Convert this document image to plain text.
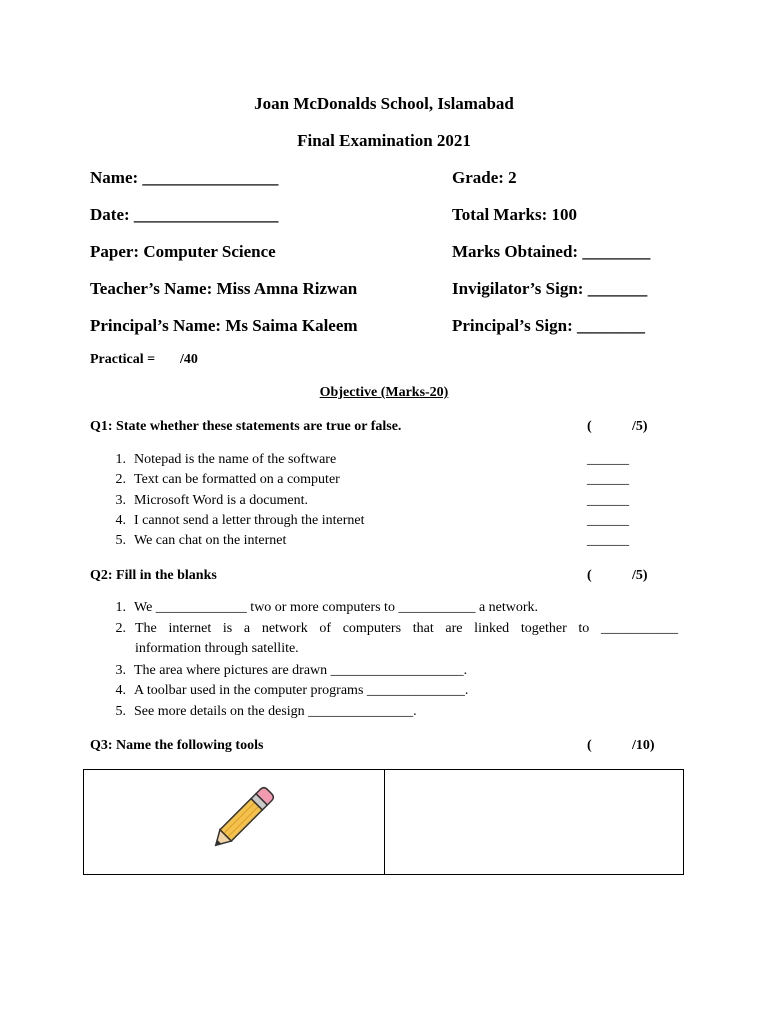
Joan McDonalds School, Islamabad
Final Examination 2021
Name: ________________	Grade: 2
Date: _________________	Total Marks: 100
Paper: Computer Science	Marks Obtained: ________
Teacher’s Name: Miss Amna Rizwan	Invigilator’s Sign: _______
Principal’s Name: Ms Saima Kaleem	Principal’s Sign: ________
Practical = /40
Objective (Marks-20)
Q1: State whether these statements are true or false.	(	/5)
1. Notepad is the name of the software	______
2. Text can be formatted on a computer	______
3. Microsoft Word is a document.	______
4. I cannot send a letter through the internet	______
5. We can chat on the internet	______
Q2: Fill in the blanks	(	/5)
1. We _____________ two or more computers to ___________ a network.
2. The internet is a network of computers that are linked together to ___________
information through satellite.
3. The area where pictures are drawn ___________________.
4. A toolbar used in the computer programs ______________.
5. See more details on the design _______________.
Q3: Name the following tools	(	/10)
